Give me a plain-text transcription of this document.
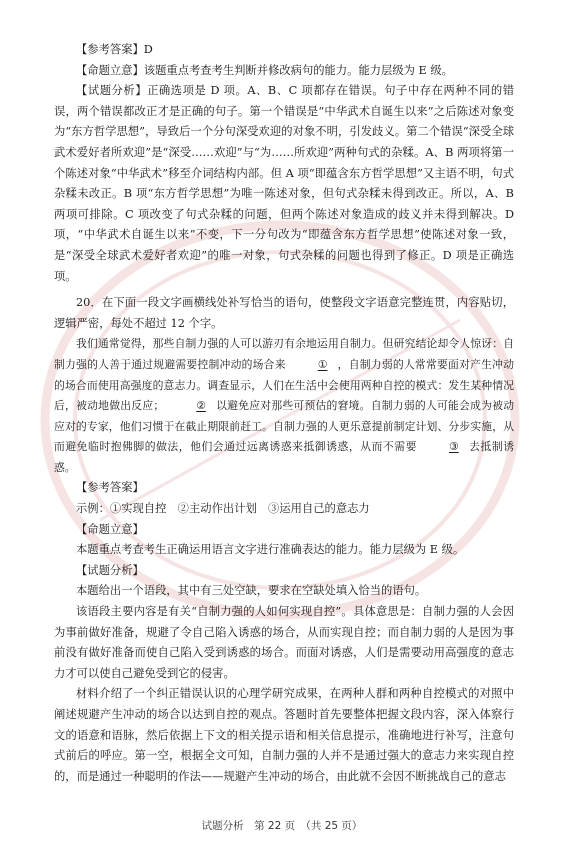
【参考答案】D

【命题立意】该题重点考查考生判断并修改病句的能力。能力层级为 E 级。

【试题分析】正确选项是 D 项。A、B、C 项都存在错误。句子中存在两种不同的错误，两个错误都改正才是正确的句子。第一个错误是“中华武术自诞生以来”之后陈述对象变为“东方哲学思想”，导致后一个分句深受欢迎的对象不明，引发歧义。第二个错误“深受全球武术爱好者所欢迎”是“深受……欢迎”与“为……所欢迎”两种句式的杂糅。A、B 两项将第一个陈述对象“中华武术”移至介词结构内部。但 A 项“即蕴含东方哲学思想”又主语不明，句式杂糅未改正。B 项“东方哲学思想”为唯一陈述对象，但句式杂糅未得到改正。所以，A、B 两项可排除。C 项改变了句式杂糅的问题，但两个陈述对象造成的歧义并未得到解决。D 项，“中华武术自诞生以来”不变，下一分句改为“即蕴含东方哲学思想”使陈述对象一致，是“深受全球武术爱好者欢迎”的唯一对象，句式杂糅的问题也得到了修正。D 项是正确选项。

20．在下面一段文字画横线处补写恰当的语句，使整段文字语意完整连贯，内容贴切，逻辑严密，每处不超过 12 个字。

我们通常觉得，那些自制力强的人可以游刃有余地运用自制力。但研究结论却令人惊讶：自制力强的人善于通过规避需要控制冲动的场合来	① ，自制力弱的人常常要面对产生冲动的场合而使用高强度的意志力。调查显示，人们在生活中会使用两种自控的模式：发生某种情况后，被动地做出反应；	② 以避免应对那些可预估的窘境。自制力弱的人可能会成为被动应对的专家，他们习惯于在截止期限前赶工。自制力强的人更乐意提前制定计划、分步实施，从而避免临时抱佛脚的做法，他们会通过远离诱惑来抵御诱惑，从而不需要	③ 去抵制诱惑。

【参考答案】

示例：①实现自控　②主动作出计划　③运用自己的意志力

【命题立意】

本题重点考查考生正确运用语言文字进行准确表达的能力。能力层级为 E 级。

【试题分析】

本题给出一个语段，其中有三处空缺，要求在空缺处填入恰当的语句。

该语段主要内容是有关“自制力强的人如何实现自控”。具体意思是：自制力强的人会因为事前做好准备，规避了令自己陷入诱惑的场合，从而实现自控；而自制力弱的人是因为事前没有做好准备而使自己陷入受到诱惑的场合。而面对诱惑，人们是需要动用高强度的意志力才可以使自己避免受到它的侵害。

材料介绍了一个纠正错误认识的心理学研究成果，在两种人群和两种自控模式的对照中阐述规避产生冲动的场合以达到自控的观点。答题时首先要整体把握文段内容，深入体察行文的语意和语脉，然后依据上下文的相关提示语和相关信息提示，准确地进行补写，注意句式前后的呼应。第一空，根据全文可知，自制力强的人并不是通过强大的意志力来实现自控的，而是通过一种聪明的作法——规避产生冲动的场合，由此就不会因不断挑战自己的意志

试题分析　第 22 页　（共 25 页）
